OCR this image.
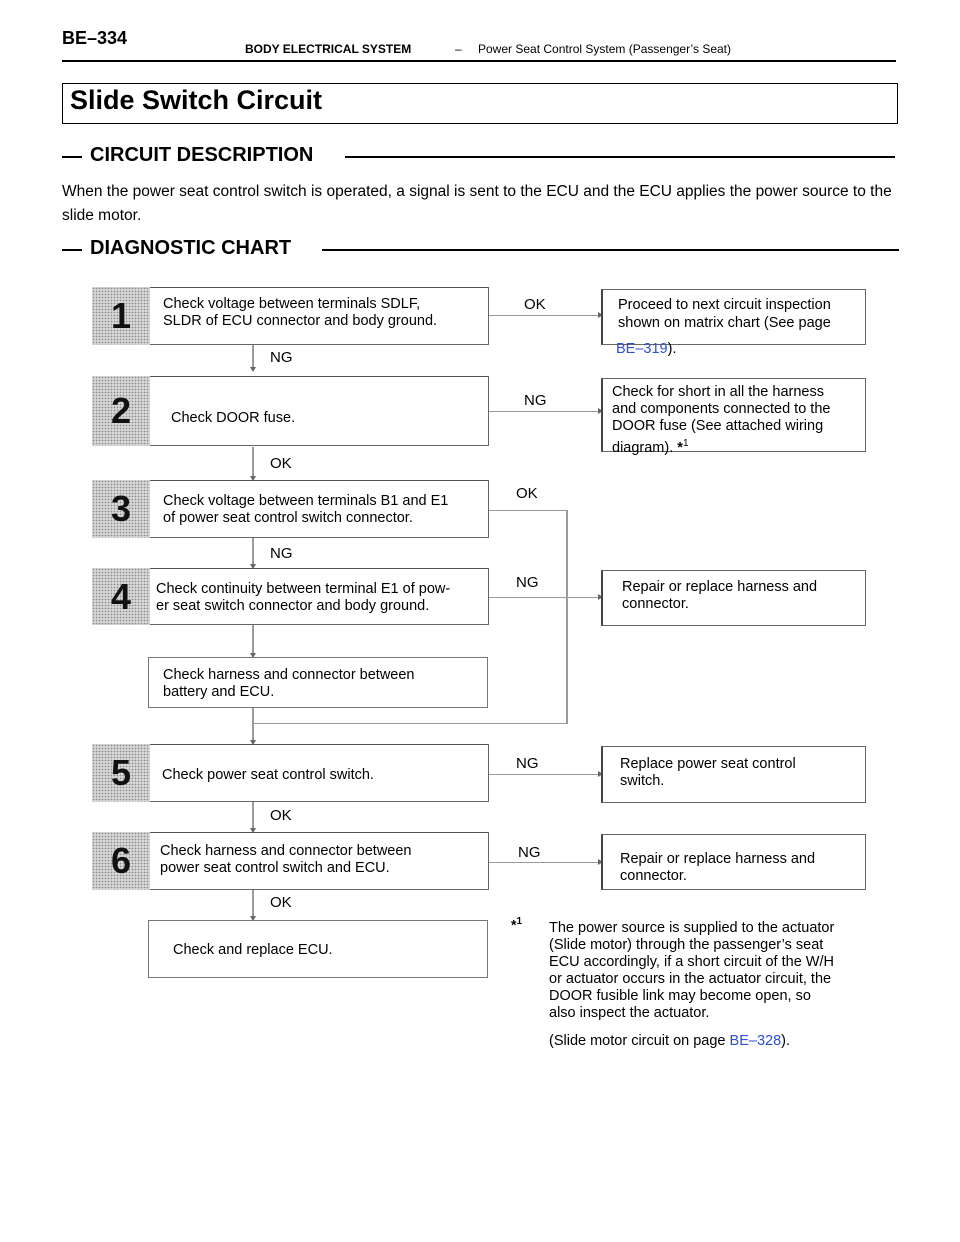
BE–334
BODY ELECTRICAL SYSTEM	– Power Seat Control System (Passenger’s Seat)
Slide Switch Circuit
CIRCUIT DESCRIPTION
When the power seat control switch is operated, a signal is sent to the ECU and the ECU applies the power source to the slide motor.
DIAGNOSTIC CHART
1 Check voltage between terminals SDLF,
SLDR of ECU connector and body ground.
2	Check DOOR fuse.
3 Check voltage between terminals B1 and E1
of power seat control switch connector.
4 Check continuity between terminal E1 of pow-
er seat switch connector and body ground.
Check harness and connector between
battery and ECU.
5 Check power seat control switch.
6 Check harness and connector between
power seat control switch and ECU.
Check and replace ECU.
Proceed to next circuit inspection
shown on matrix chart (See page
BE–319).
Check for short in all the harness
and components connected to the
DOOR fuse (See attached wiring
diagram). *$^1$
Repair or replace harness and
connector.
Replace power seat control
switch.
Repair or replace harness and
connector.
OK
NG
NG
OK
OK
NG
NG
NG
OK
NG
OK
*$^1$ The power source is supplied to the actuator
(Slide motor) through the passenger’s seat
ECU accordingly, if a short circuit of the W/H
or actuator occurs in the actuator circuit, the
DOOR fusible link may become open, so
also inspect the actuator.
(Slide motor circuit on page BE–328).
